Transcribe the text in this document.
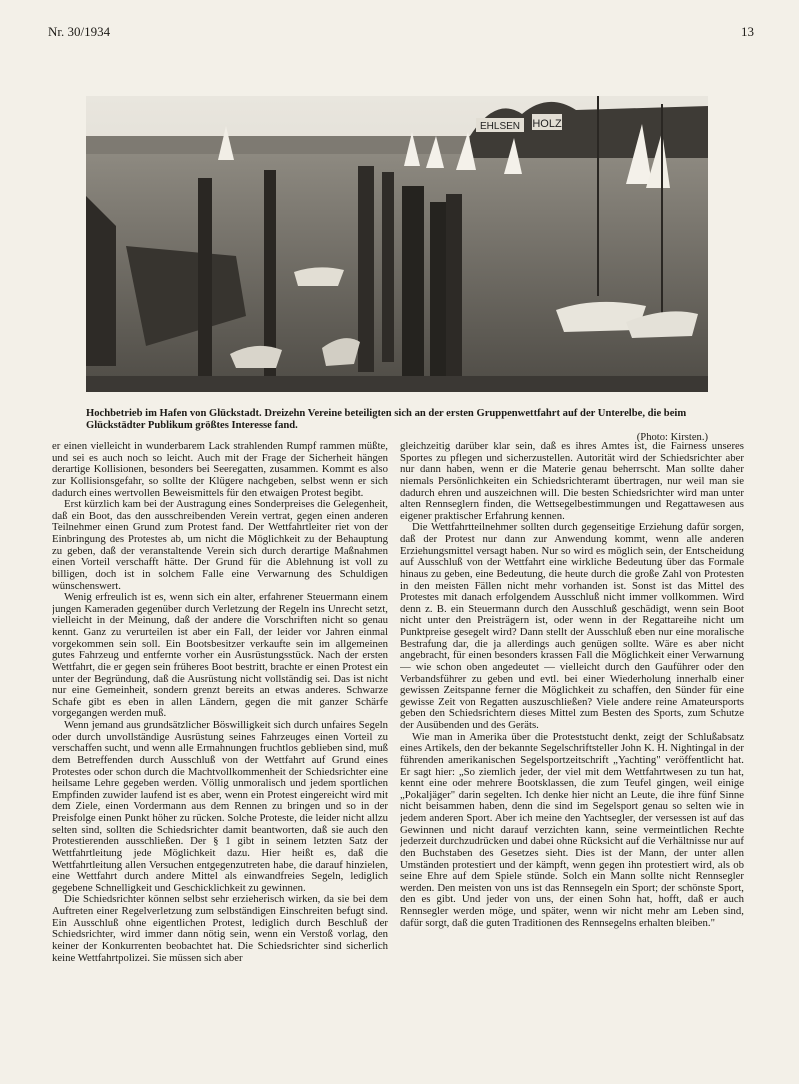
Nr. 30/1934	13
EHLSEN HOLZ
Hochbetrieb im Hafen von Glückstadt. Dreizehn Vereine beteiligten sich an der ersten Gruppenwettfahrt auf der Unterelbe, die beim Glückstädter Publikum größtes Interesse fand.
(Photo: Kirsten.)

er einen vielleicht in wunderbarem Lack strahlenden Rumpf rammen müßte, und sei es auch noch so leicht. Auch mit der Frage der Sicherheit hängen derartige Kollisionen, besonders bei Seeregatten, zusammen. Kommt es also zur Kollisionsgefahr, so sollte der Klügere nachgeben, selbst wenn er sich dadurch eines wertvollen Beweismittels für den etwaigen Protest begibt.

Erst kürzlich kam bei der Austragung eines Sonderpreises die Gelegenheit, daß ein Boot, das den ausschreibenden Verein vertrat, gegen einen anderen Teilnehmer einen Grund zum Protest fand. Der Wettfahrtleiter riet von der Einbringung des Protestes ab, um nicht die Möglichkeit zu der Behauptung zu geben, daß der veranstaltende Verein sich durch derartige Maßnahmen einen Vorteil verschafft hätte. Der Grund für die Ablehnung ist voll zu billigen, doch ist in solchem Falle eine Verwarnung des Schuldigen wünschenswert.

Wenig erfreulich ist es, wenn sich ein alter, erfahrener Steuermann einem jungen Kameraden gegenüber durch Verletzung der Regeln ins Unrecht setzt, vielleicht in der Meinung, daß der andere die Vorschriften nicht so genau kennt. Ganz zu verurteilen ist aber ein Fall, der leider vor Jahren einmal vorgekommen sein soll. Ein Bootsbesitzer verkaufte sein im allgemeinen gutes Fahrzeug und entfernte vorher ein Ausrüstungsstück. Nach der ersten Wettfahrt, die er gegen sein früheres Boot bestritt, brachte er einen Protest ein unter der Begründung, daß die Ausrüstung nicht vollständig sei. Das ist nicht nur eine Gemeinheit, sondern grenzt bereits an etwas anderes. Schwarze Schafe gibt es eben in allen Ländern, gegen die mit ganzer Schärfe vorgegangen werden muß.

Wenn jemand aus grundsätzlicher Böswilligkeit sich durch unfaires Segeln oder durch unvollständige Ausrüstung seines Fahrzeuges einen Vorteil zu verschaffen sucht, und wenn alle Ermahnungen fruchtlos geblieben sind, muß dem Betreffenden durch Ausschluß von der Wettfahrt auf Grund eines Protestes oder schon durch die Machtvollkommenheit der Schiedsrichter eine heilsame Lehre gegeben werden. Völlig unmoralisch und jedem sportlichen Empfinden zuwider laufend ist es aber, wenn ein Protest eingereicht wird mit dem Ziele, einen Vordermann aus dem Rennen zu bringen und so in der Preisfolge einen Punkt höher zu rücken. Solche Proteste, die leider nicht allzu selten sind, sollten die Schiedsrichter damit beantworten, daß sie auch den Protestierenden ausschließen. Der § 1 gibt in seinem letzten Satz der Wettfahrtleitung jede Möglichkeit dazu. Hier heißt es, daß die Wettfahrtleitung allen Versuchen entgegenzutreten habe, die darauf hinzielen, eine Wettfahrt durch andere Mittel als einwandfreies Segeln, lediglich gegebene Schnelligkeit und Geschicklichkeit zu gewinnen.

Die Schiedsrichter können selbst sehr erzieherisch wirken, da sie bei dem Auftreten einer Regelverletzung zum selbständigen Einschreiten befugt sind. Ein Ausschluß ohne eigentlichen Protest, lediglich durch Beschluß der Schiedsrichter, wird immer dann nötig sein, wenn ein Verstoß vorlag, den keiner der Konkurrenten beobachtet hat. Die Schiedsrichter sind sicherlich keine Wettfahrtpolizei. Sie müssen sich aber

gleichzeitig darüber klar sein, daß es ihres Amtes ist, die Fairness unseres Sportes zu pflegen und sicherzustellen. Autorität wird der Schiedsrichter aber nur dann haben, wenn er die Materie genau beherrscht. Man sollte daher niemals Persönlichkeiten ein Schiedsrichteramt übertragen, nur weil man sie dadurch ehren und auszeichnen will. Die besten Schiedsrichter wird man unter alten Rennseglern finden, die Wettsegelbestimmungen und Regattawesen aus eigener praktischer Erfahrung kennen.

Die Wettfahrtteilnehmer sollten durch gegenseitige Erziehung dafür sorgen, daß der Protest nur dann zur Anwendung kommt, wenn alle anderen Erziehungsmittel versagt haben. Nur so wird es möglich sein, der Entscheidung auf Ausschluß von der Wettfahrt eine wirkliche Bedeutung über das Formale hinaus zu geben, eine Bedeutung, die heute durch die große Zahl von Protesten in den meisten Fällen nicht mehr vorhanden ist. Sonst ist das Mittel des Protestes mit danach erfolgendem Ausschluß nicht immer vollkommen. Wird denn z. B. ein Steuermann durch den Ausschluß geschädigt, wenn sein Boot nicht unter den Preisträgern ist, oder wenn in der Regattareihe nicht um Punktpreise gesegelt wird? Dann stellt der Ausschluß eben nur eine moralische Bestrafung dar, die ja allerdings auch genügen sollte. Wäre es aber nicht angebracht, für einen besonders krassen Fall die Möglichkeit einer Verwarnung — wie schon oben angedeutet — vielleicht durch den Gauführer oder den Verbandsführer zu geben und evtl. bei einer Wiederholung innerhalb einer gewissen Zeitspanne ferner die Möglichkeit zu schaffen, den Sünder für eine gewisse Zeit von Regatten auszuschließen? Viele andere reine Amateursports geben den Schiedsrichtern dieses Mittel zum Besten des Sports, zum Schutze der Ausübenden und des Geräts.

Wie man in Amerika über die Proteststucht denkt, zeigt der Schlußabsatz eines Artikels, den der bekannte Segelschriftsteller John K. H. Nightingal in der führenden amerikanischen Segelsportzeitschrift „Yachting" veröffentlicht hat. Er sagt hier: „So ziemlich jeder, der viel mit dem Wettfahrtwesen zu tun hat, kennt eine oder mehrere Bootsklassen, die zum Teufel gingen, weil einige „Pokaljäger" darin segelten. Ich denke hier nicht an Leute, die ihre fünf Sinne nicht beisammen haben, denn die sind im Segelsport genau so selten wie in jedem anderen Sport. Aber ich meine den Yachtsegler, der versessen ist auf das Gewinnen und nicht darauf verzichten kann, seine vermeintlichen Rechte jederzeit durchzudrücken und dabei ohne Rücksicht auf die Verhältnisse nur auf den Buchstaben des Gesetzes sieht. Dies ist der Mann, der unter allen Umständen protestiert und der kämpft, wenn gegen ihn protestiert wird, als ob seine Ehre auf dem Spiele stünde. Solch ein Mann sollte nicht Rennsegler werden. Den meisten von uns ist das Rennsegeln ein Sport; der schönste Sport, den es gibt. Und jeder von uns, der einen Sohn hat, hofft, daß er auch Rennsegler werden möge, und später, wenn wir nicht mehr am Leben sind, dafür sorgt, daß die guten Traditionen des Rennsegelns erhalten bleiben."
